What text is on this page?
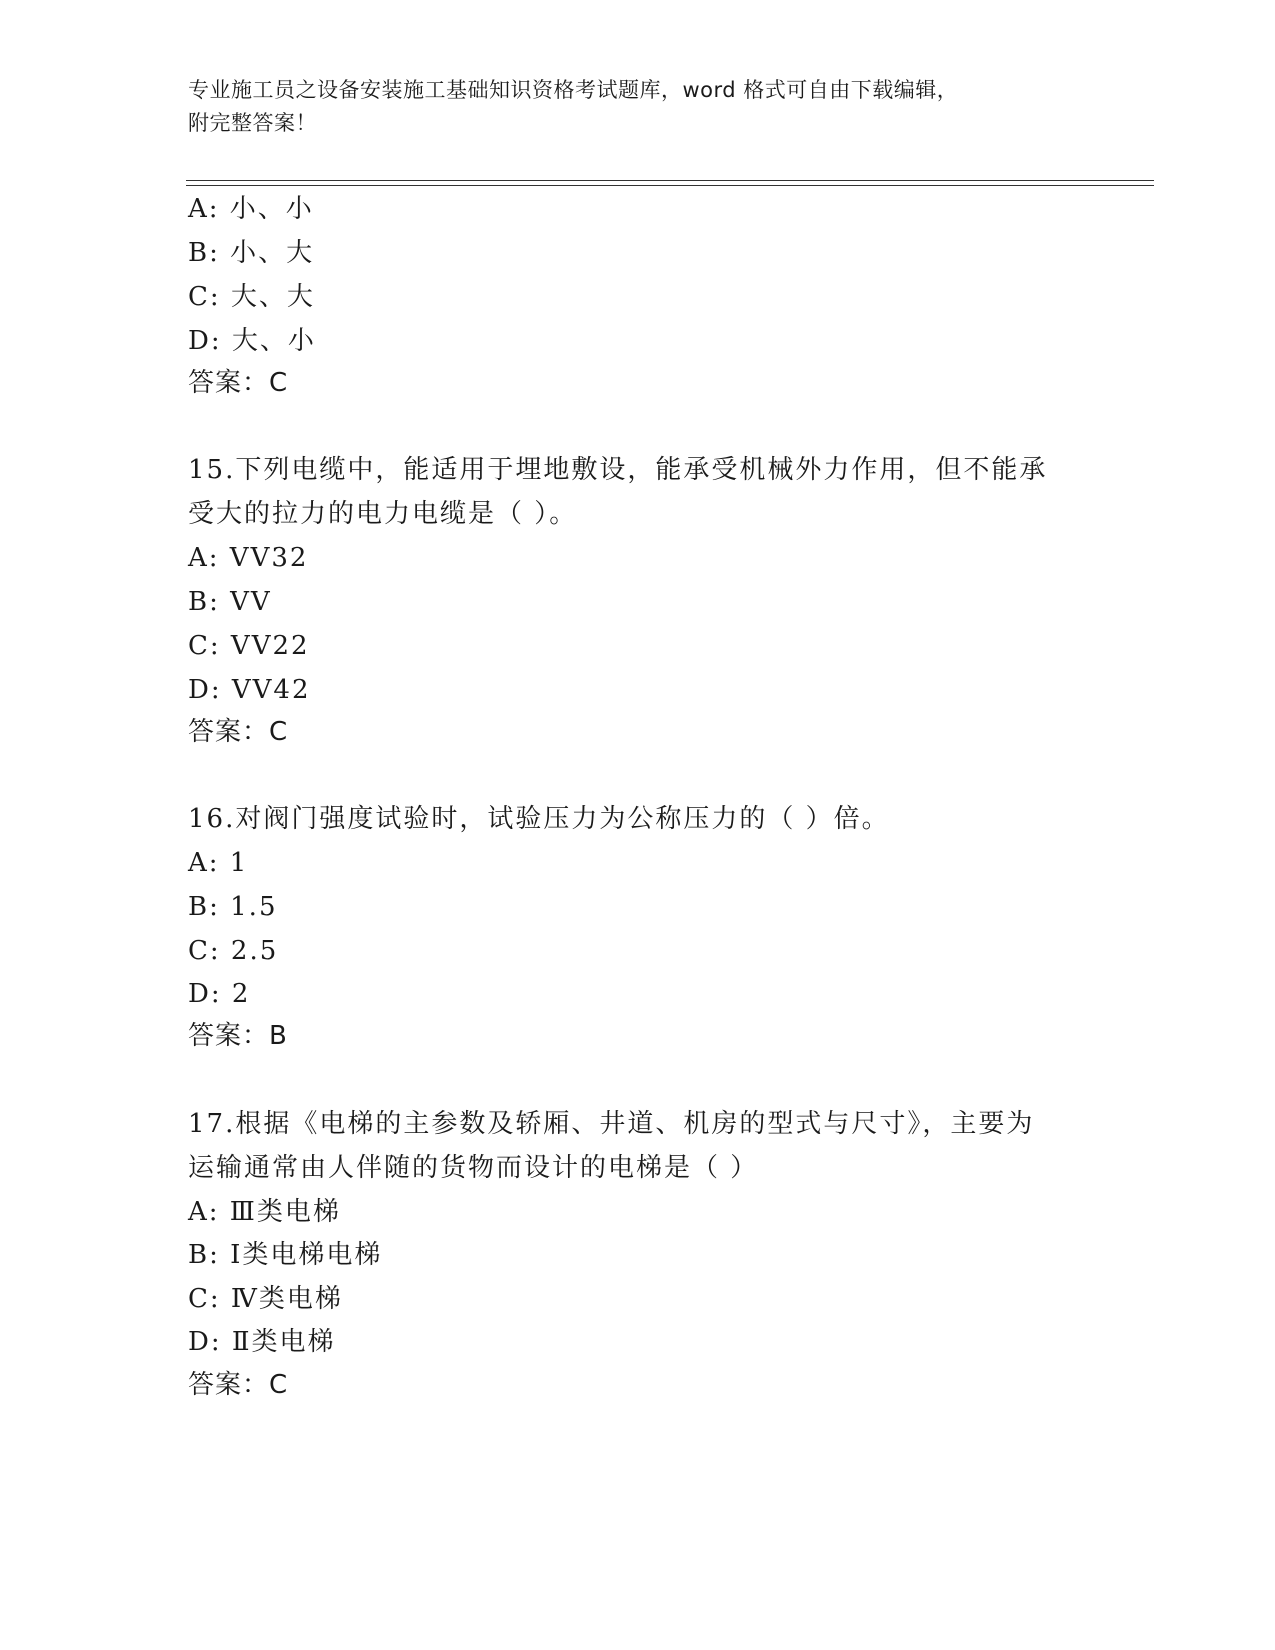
专业施工员之设备安装施工基础知识资格考试题库，word 格式可自由下载编辑，
附完整答案！
A: 小、小
B: 小、大
C: 大、大
D: 大、小
答案：C
15.下列电缆中，能适用于埋地敷设，能承受机械外力作用，但不能承
受大的拉力的电力电缆是（ ）。
A: VV32
B: VV
C: VV22
D: VV42
答案：C
16.对阀门强度试验时，试验压力为公称压力的（ ）倍。
A: 1
B: 1.5
C: 2.5
D: 2
答案：B
17.根据《电梯的主参数及轿厢、井道、机房的型式与尺寸》，主要为
运输通常由人伴随的货物而设计的电梯是（ ）
A: Ⅲ类电梯
B: Ⅰ类电梯电梯
C: Ⅳ类电梯
D: Ⅱ类电梯
答案：C
